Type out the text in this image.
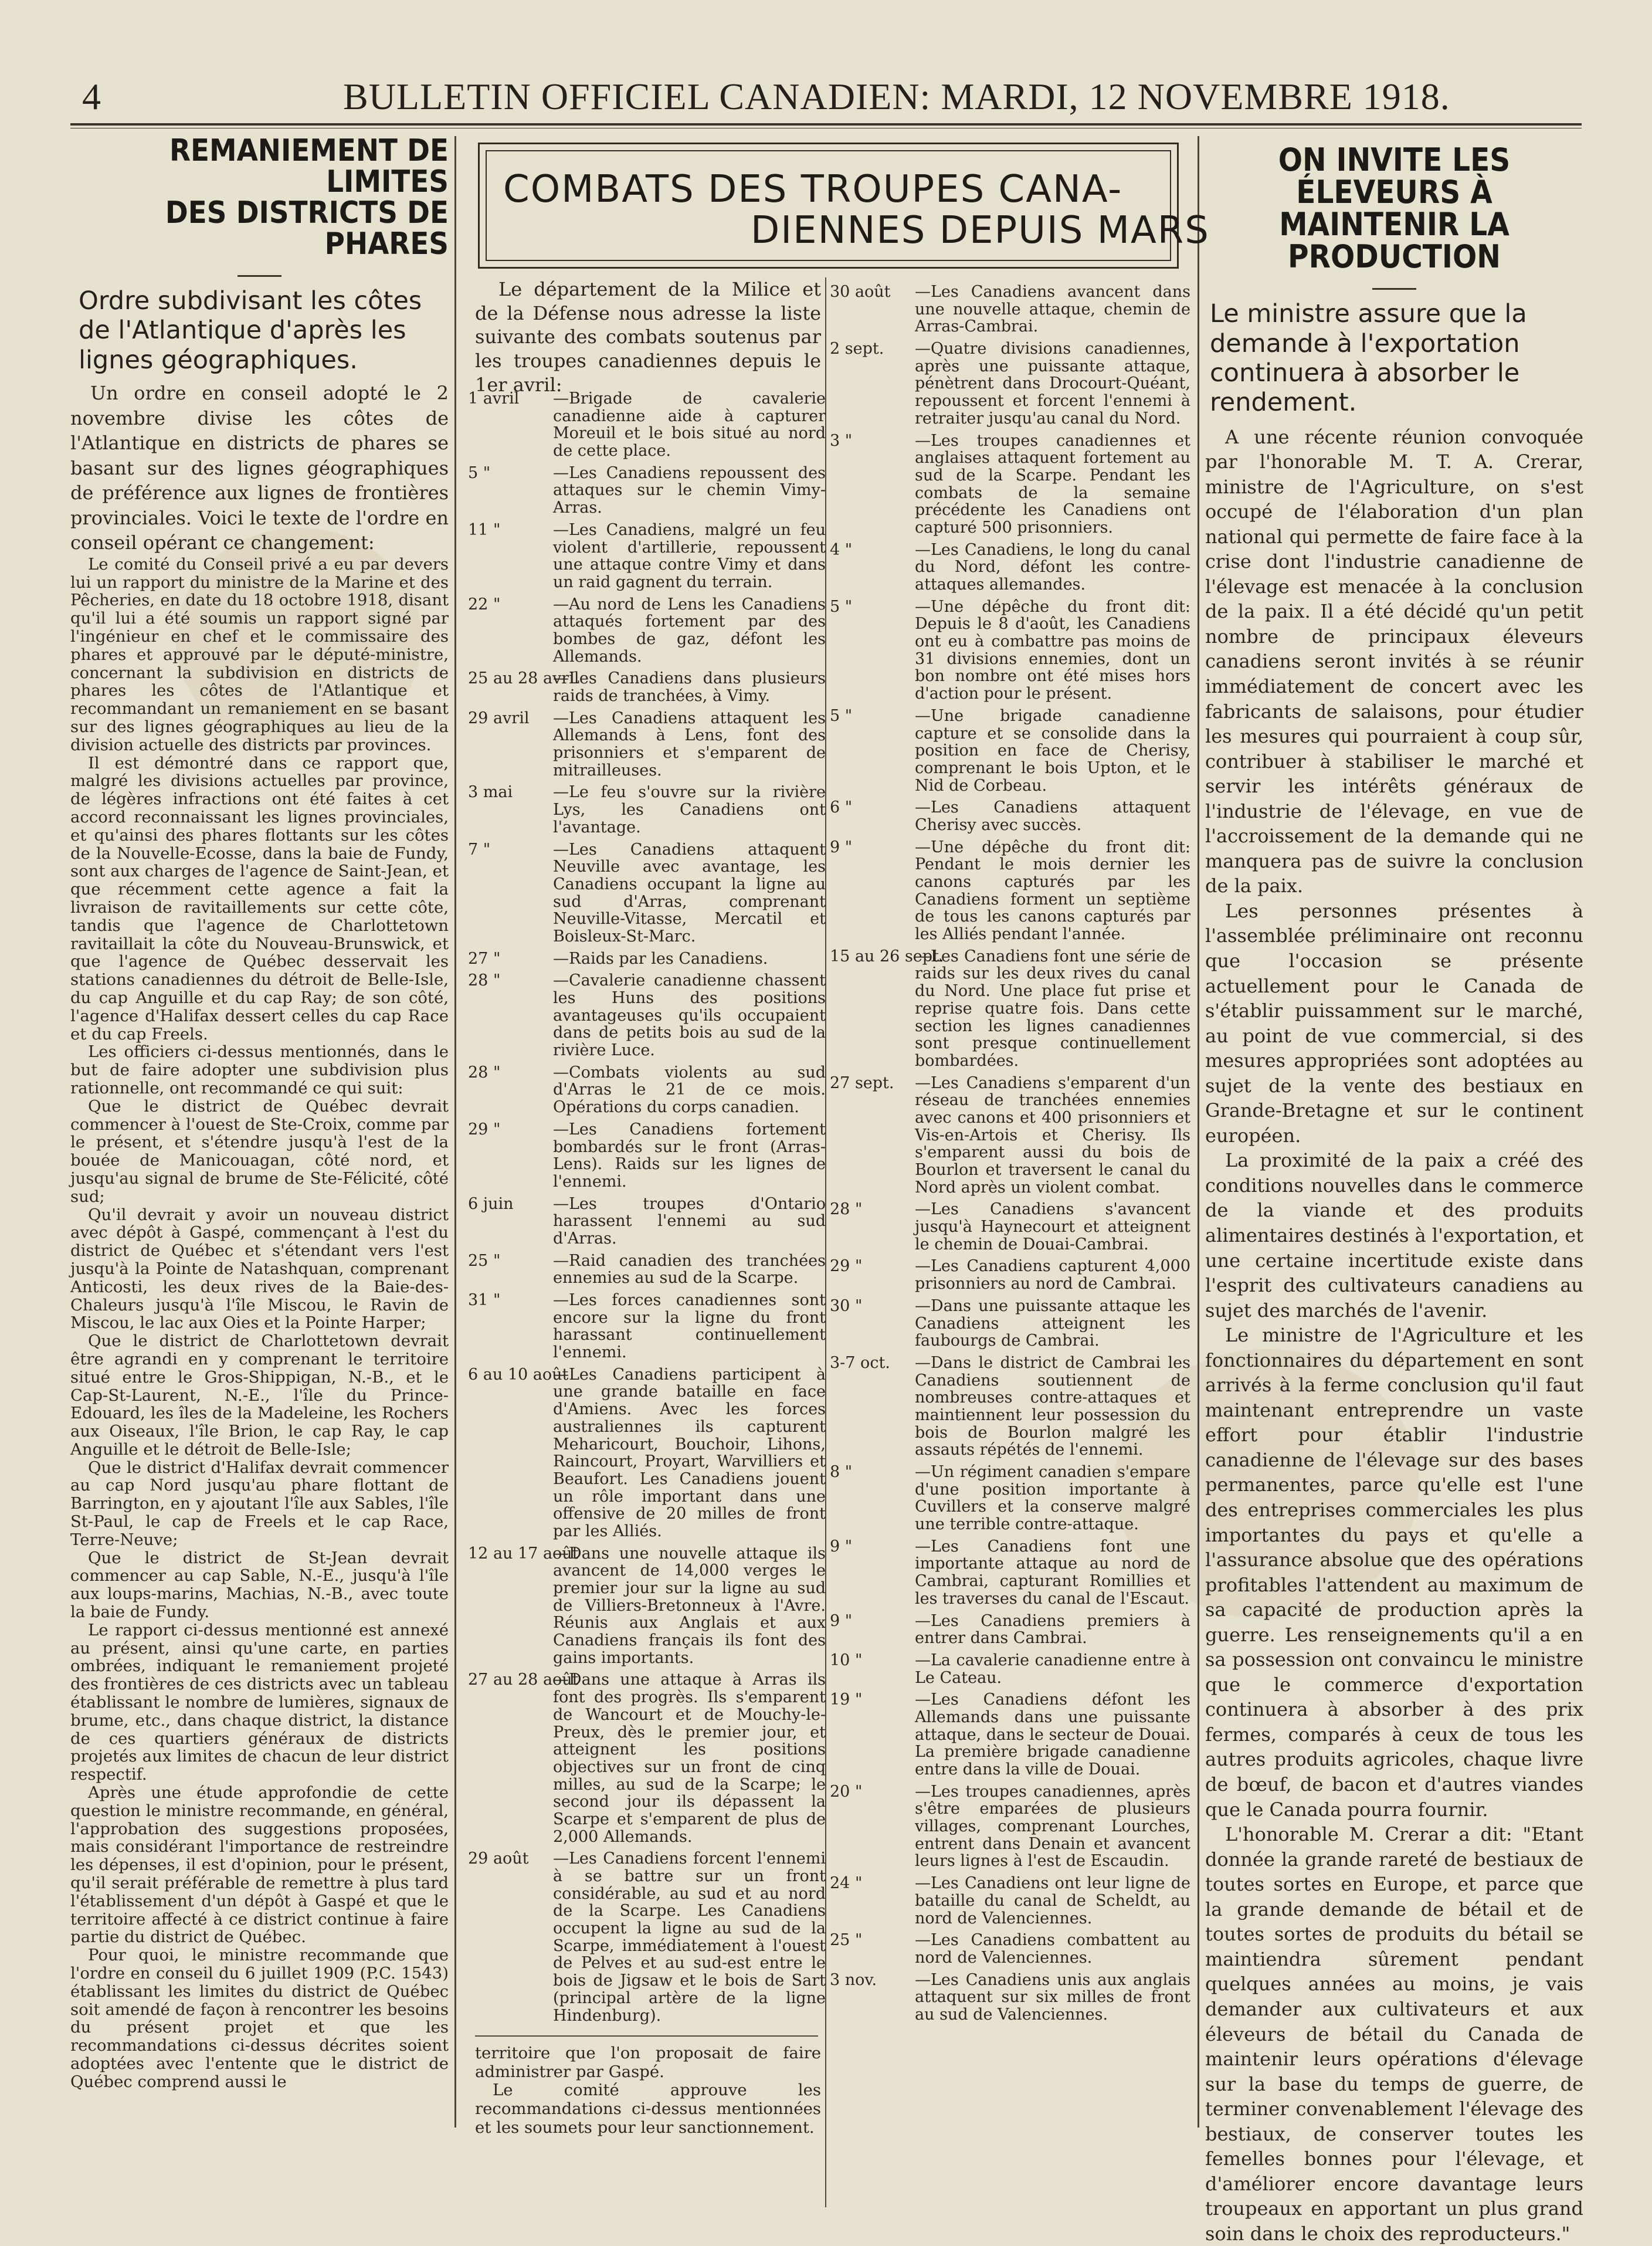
4	BULLETIN OFFICIEL CANADIEN: MARDI, 12 NOVEMBRE 1918.
REMANIEMENT DE LIMITES
DES DISTRICTS DE PHARES
Ordre subdivisant les côtes de l'Atlantique d'après les lignes géographiques.

Un ordre en conseil adopté le 2 novembre divise les côtes de l'Atlantique en districts de phares se basant sur des lignes géographiques de préférence aux lignes de frontières provinciales. Voici le texte de l'ordre en conseil opérant ce changement:

Le comité du Conseil privé a eu par devers lui un rapport du ministre de la Marine et des Pêcheries, en date du 18 octobre 1918, disant qu'il lui a été soumis un rapport signé par l'ingénieur en chef et le commissaire des phares et approuvé par le député-ministre, concernant la subdivision en districts de phares les côtes de l'Atlantique et recommandant un remaniement en se basant sur des lignes géographiques au lieu de la division actuelle des districts par provinces.

Il est démontré dans ce rapport que, malgré les divisions actuelles par province, de légères infractions ont été faites à cet accord reconnaissant les lignes provinciales, et qu'ainsi des phares flottants sur les côtes de la Nouvelle-Ecosse, dans la baie de Fundy, sont aux charges de l'agence de Saint-Jean, et que récemment cette agence a fait la livraison de ravitaillements sur cette côte, tandis que l'agence de Charlottetown ravitaillait la côte du Nouveau-Brunswick, et que l'agence de Québec desservait les stations canadiennes du détroit de Belle-Isle, du cap Anguille et du cap Ray; de son côté, l'agence d'Halifax dessert celles du cap Race et du cap Freels.

Les officiers ci-dessus mentionnés, dans le but de faire adopter une subdivision plus rationnelle, ont recommandé ce qui suit:

Que le district de Québec devrait commencer à l'ouest de Ste-Croix, comme par le présent, et s'étendre jusqu'à l'est de la bouée de Manicouagan, côté nord, et jusqu'au signal de brume de Ste-Félicité, côté sud;

Qu'il devrait y avoir un nouveau district avec dépôt à Gaspé, commençant à l'est du district de Québec et s'étendant vers l'est jusqu'à la Pointe de Natashquan, comprenant Anticosti, les deux rives de la Baie-des-Chaleurs jusqu'à l'île Miscou, le Ravin de Miscou, le lac aux Oies et la Pointe Harper;

Que le district de Charlottetown devrait être agrandi en y comprenant le territoire situé entre le Gros-Shippigan, N.-B., et le Cap-St-Laurent, N.-E., l'île du Prince-Edouard, les îles de la Madeleine, les Rochers aux Oiseaux, l'île Brion, le cap Ray, le cap Anguille et le détroit de Belle-Isle;

Que le district d'Halifax devrait commencer au cap Nord jusqu'au phare flottant de Barrington, en y ajoutant l'île aux Sables, l'île St-Paul, le cap de Freels et le cap Race, Terre-Neuve;

Que le district de St-Jean devrait commencer au cap Sable, N.-E., jusqu'à l'île aux loups-marins, Machias, N.-B., avec toute la baie de Fundy.

Le rapport ci-dessus mentionné est annexé au présent, ainsi qu'une carte, en parties ombrées, indiquant le remaniement projeté des frontières de ces districts avec un tableau établissant le nombre de lumières, signaux de brume, etc., dans chaque district, la distance de ces quartiers généraux de districts projetés aux limites de chacun de leur district respectif.

Après une étude approfondie de cette question le ministre recommande, en général, l'approbation des suggestions proposées, mais considérant l'importance de restreindre les dépenses, il est d'opinion, pour le présent, qu'il serait préférable de remettre à plus tard l'établissement d'un dépôt à Gaspé et que le territoire affecté à ce district continue à faire partie du district de Québec.

Pour quoi, le ministre recommande que l'ordre en conseil du 6 juillet 1909 (P.C. 1543) établissant les limites du district de Québec soit amendé de façon à rencontrer les besoins du présent projet et que les recommandations ci-dessus décrites soient adoptées avec l'entente que le district de Québec comprend aussi le

COMBATS DES TROUPES CANA-
DIENNES DEPUIS MARS

Le département de la Milice et de la Défense nous adresse la liste suivante des combats soutenus par les troupes canadiennes depuis le 1er avril:

1 avril	—Brigade de cavalerie canadienne aide à capturer Moreuil et le bois situé au nord de cette place.
5 "	—Les Canadiens repoussent des attaques sur le chemin Vimy-Arras.
11 "	—Les Canadiens, malgré un feu violent d'artillerie, repoussent une attaque contre Vimy et dans un raid gagnent du terrain.
22 "	—Au nord de Lens les Canadiens attaqués fortement par des bombes de gaz, défont les Allemands.
25 au 28 avril
—Les Canadiens dans plusieurs raids de tranchées, à Vimy.
29 avril	—Les Canadiens attaquent les Allemands à Lens, font des prisonniers et s'emparent de mitrailleuses.
3 mai	—Le feu s'ouvre sur la rivière Lys, les Canadiens ont l'avantage.
7 "	—Les Canadiens attaquent Neuville avec avantage, les Canadiens occupant la ligne au sud d'Arras, comprenant Neuville-Vitasse, Mercatil et Boisleux-St-Marc.
27 "	—Raids par les Canadiens.
28 "	—Cavalerie canadienne chassent les Huns des positions avantageuses qu'ils occupaient dans de petits bois au sud de la rivière Luce.
28 "	—Combats violents au sud d'Arras le 21 de ce mois. Opérations du corps canadien.
29 "	—Les Canadiens fortement bombardés sur le front (Arras-Lens). Raids sur les lignes de l'ennemi.
6 juin	—Les troupes d'Ontario harassent l'ennemi au sud d'Arras.
25 "	—Raid canadien des tranchées ennemies au sud de la Scarpe.
31 "	—Les forces canadiennes sont encore sur la ligne du front harassant continuellement l'ennemi.
6 au 10 août
—Les Canadiens participent à une grande bataille en face d'Amiens. Avec les forces australiennes ils capturent Meharicourt, Bouchoir, Lihons, Raincourt, Proyart, Warvilliers et Beaufort. Les Canadiens jouent un rôle important dans une offensive de 20 milles de front par les Alliés.
12 au 17 août
—Dans une nouvelle attaque ils avancent de 14,000 verges le premier jour sur la ligne au sud de Villiers-Bretonneux à l'Avre. Réunis aux Anglais et aux Canadiens français ils font des gains importants.
27 au 28 août
—Dans une attaque à Arras ils font des progrès. Ils s'emparent de Wancourt et de Mouchy-le-Preux, dès le premier jour, et atteignent les positions objectives sur un front de cinq milles, au sud de la Scarpe; le second jour ils dépassent la Scarpe et s'emparent de plus de 2,000 Allemands.
29 août	—Les Canadiens forcent l'ennemi à se battre sur un front considérable, au sud et au nord de la Scarpe. Les Canadiens occupent la ligne au sud de la Scarpe, immédiatement à l'ouest de Pelves et au sud-est entre le bois de Jigsaw et le bois de Sart (principal artère de la ligne Hindenburg).
30 août	—Les Canadiens avancent dans une nouvelle attaque, chemin de Arras-Cambrai.
2 sept.	—Quatre divisions canadiennes, après une puissante attaque, pénètrent dans Drocourt-Quéant, repoussent et forcent l'ennemi à retraiter jusqu'au canal du Nord.
3 "	—Les troupes canadiennes et anglaises attaquent fortement au sud de la Scarpe. Pendant les combats de la semaine précédente les Canadiens ont capturé 500 prisonniers.
4 "	—Les Canadiens, le long du canal du Nord, défont les contre-attaques allemandes.
5 "	—Une dépêche du front dit: Depuis le 8 d'août, les Canadiens ont eu à combattre pas moins de 31 divisions ennemies, dont un bon nombre ont été mises hors d'action pour le présent.
5 "	—Une brigade canadienne capture et se consolide dans la position en face de Cherisy, comprenant le bois Upton, et le Nid de Corbeau.
6 "	—Les Canadiens attaquent Cherisy avec succès.
9 "	—Une dépêche du front dit: Pendant le mois dernier les canons capturés par les Canadiens forment un septième de tous les canons capturés par les Alliés pendant l'année.
15 au 26 sept.
—Les Canadiens font une série de raids sur les deux rives du canal du Nord. Une place fut prise et reprise quatre fois. Dans cette section les lignes canadiennes sont presque continuellement bombardées.
27 sept.	—Les Canadiens s'emparent d'un réseau de tranchées ennemies avec canons et 400 prisonniers et Vis-en-Artois et Cherisy. Ils s'emparent aussi du bois de Bourlon et traversent le canal du Nord après un violent combat.
28 "	—Les Canadiens s'avancent jusqu'à Haynecourt et atteignent le chemin de Douai-Cambrai.
29 "	—Les Canadiens capturent 4,000 prisonniers au nord de Cambrai.
30 "	—Dans une puissante attaque les Canadiens atteignent les faubourgs de Cambrai.
3-7 oct.	—Dans le district de Cambrai les Canadiens soutiennent de nombreuses contre-attaques et maintiennent leur possession du bois de Bourlon malgré les assauts répétés de l'ennemi.
8 "	—Un régiment canadien s'empare d'une position importante à Cuvillers et la conserve malgré une terrible contre-attaque.
9 "	—Les Canadiens font une importante attaque au nord de Cambrai, capturant Romillies et les traverses du canal de l'Escaut.
9 "	—Les Canadiens premiers à entrer dans Cambrai.
10 "	—La cavalerie canadienne entre à Le Cateau.
19 "	—Les Canadiens défont les Allemands dans une puissante attaque, dans le secteur de Douai. La première brigade canadienne entre dans la ville de Douai.
20 "	—Les troupes canadiennes, après s'être emparées de plusieurs villages, comprenant Lourches, entrent dans Denain et avancent leurs lignes à l'est de Escaudin.
24 "	—Les Canadiens ont leur ligne de bataille du canal de Scheldt, au nord de Valenciennes.
25 "	—Les Canadiens combattent au nord de Valenciennes.
3 nov.	—Les Canadiens unis aux anglais attaquent sur six milles de front au sud de Valenciennes.

territoire que l'on proposait de faire administrer par Gaspé.

Le comité approuve les recommandations ci-dessus mentionnées et les soumets pour leur sanctionnement.

ON INVITE LES ÉLEVEURS À
MAINTENIR LA PRODUCTION
Le ministre assure que la demande à l'exportation continuera à absorber le rendement.

A une récente réunion convoquée par l'honorable M. T. A. Crerar, ministre de l'Agriculture, on s'est occupé de l'élaboration d'un plan national qui permette de faire face à la crise dont l'industrie canadienne de l'élevage est menacée à la conclusion de la paix. Il a été décidé qu'un petit nombre de principaux éleveurs canadiens seront invités à se réunir immédiatement de concert avec les fabricants de salaisons, pour étudier les mesures qui pourraient à coup sûr, contribuer à stabiliser le marché et servir les intérêts généraux de l'industrie de l'élevage, en vue de l'accroissement de la demande qui ne manquera pas de suivre la conclusion de la paix.

Les personnes présentes à l'assemblée préliminaire ont reconnu que l'occasion se présente actuellement pour le Canada de s'établir puissamment sur le marché, au point de vue commercial, si des mesures appropriées sont adoptées au sujet de la vente des bestiaux en Grande-Bretagne et sur le continent européen.

La proximité de la paix a créé des conditions nouvelles dans le commerce de la viande et des produits alimentaires destinés à l'exportation, et une certaine incertitude existe dans l'esprit des cultivateurs canadiens au sujet des marchés de l'avenir.

Le ministre de l'Agriculture et les fonctionnaires du département en sont arrivés à la ferme conclusion qu'il faut maintenant entreprendre un vaste effort pour établir l'industrie canadienne de l'élevage sur des bases permanentes, parce qu'elle est l'une des entreprises commerciales les plus importantes du pays et qu'elle a l'assurance absolue que des opérations profitables l'attendent au maximum de sa capacité de production après la guerre. Les renseignements qu'il a en sa possession ont convaincu le ministre que le commerce d'exportation continuera à absorber à des prix fermes, comparés à ceux de tous les autres produits agricoles, chaque livre de bœuf, de bacon et d'autres viandes que le Canada pourra fournir.

L'honorable M. Crerar a dit: "Etant donnée la grande rareté de bestiaux de toutes sortes en Europe, et parce que la grande demande de bétail et de toutes sortes de produits du bétail se maintiendra sûrement pendant quelques années au moins, je vais demander aux cultivateurs et aux éleveurs de bétail du Canada de maintenir leurs opérations d'élevage sur la base du temps de guerre, de terminer convenablement l'élevage des bestiaux, de conserver toutes les femelles bonnes pour l'élevage, et d'améliorer encore davantage leurs troupeaux en apportant un plus grand soin dans le choix des reproducteurs."
